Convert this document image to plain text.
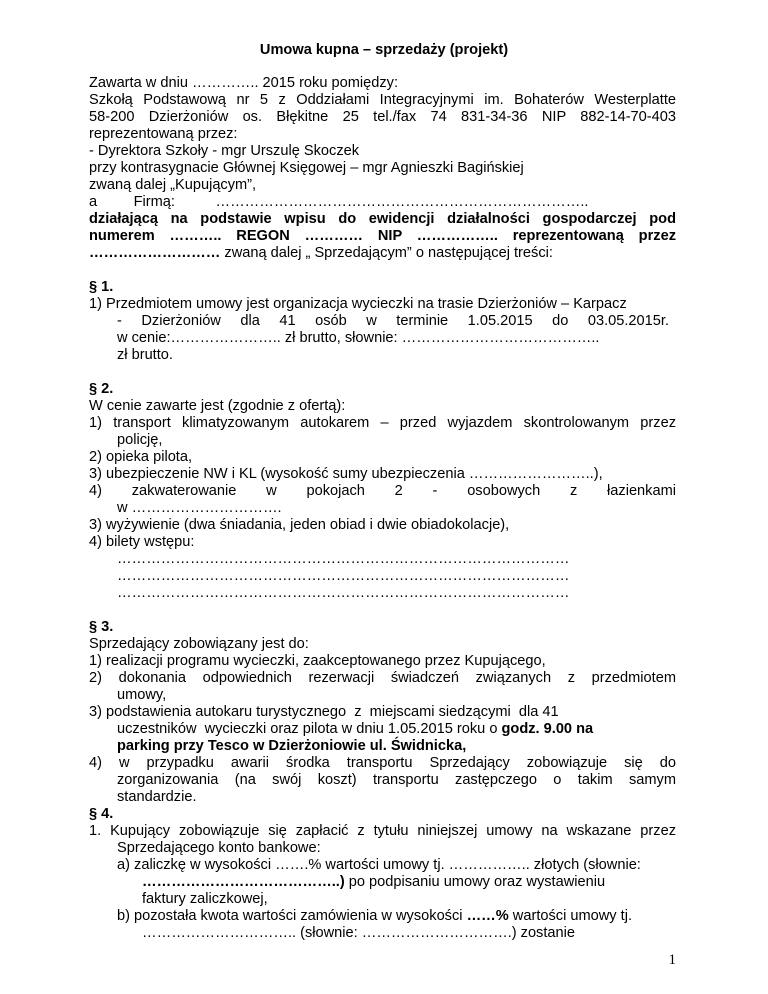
Umowa kupna – sprzedaży (projekt)
Zawarta w dniu ………….. 2015 roku pomiędzy:
Szkołą Podstawową nr 5 z Oddziałami Integracyjnymi im. Bohaterów Westerplatte
58-200 Dzierżoniów os. Błękitne 25 tel./fax 74 831-34-36 NIP 882-14-70-403
reprezentowaną przez:
- Dyrektora Szkoły - mgr Urszulę Skoczek
przy kontrasygnacie Głównej Księgowej – mgr Agnieszki Bagińskiej
zwaną dalej „Kupującym”,
a         Firmą:          …………………………………………………………………..
działającą na podstawie wpisu do ewidencji działalności gospodarczej pod
numerem ……….. REGON ………… NIP …………….. reprezentowaną przez
……………………… zwaną dalej „ Sprzedającym” o następującej treści:
§ 1.
1) Przedmiotem umowy jest organizacja wycieczki na trasie Dzierżoniów – Karpacz
- Dzierżoniów dla 41 osób w terminie 1.05.2015 do 03.05.2015r.
w cenie:………………….. zł brutto, słownie: …………………………………..
zł brutto.
§ 2.
W cenie zawarte jest (zgodnie z ofertą):
1) transport klimatyzowanym autokarem – przed wyjazdem skontrolowanym przez
policję,
2) opieka pilota,
3) ubezpieczenie NW i KL (wysokość sumy ubezpieczenia ……………………..),
4) zakwaterowanie w pokojach 2 - osobowych z łazienkami
w ………………………….
3) wyżywienie (dwa śniadania, jeden obiad i dwie obiadokolacje),
4) bilety wstępu:
…………………………………………………………………………………
…………………………………………………………………………………
…………………………………………………………………………………
§ 3.
Sprzedający zobowiązany jest do:
1) realizacji programu wycieczki, zaakceptowanego przez Kupującego,
2) dokonania odpowiednich rezerwacji świadczeń związanych z przedmiotem
umowy,
3) podstawienia autokaru turystycznego  z  miejscami siedzącymi  dla 41
uczestników  wycieczki oraz pilota w dniu 1.05.2015 roku o godz. 9.00 na
parking przy Tesco w Dzierżoniowie ul. Świdnicka,
4) w przypadku awarii środka transportu Sprzedający zobowiązuje się do
zorganizowania (na swój koszt) transportu zastępczego o takim samym
standardzie.
§ 4.
1. Kupujący zobowiązuje się zapłacić z tytułu niniejszej umowy na wskazane przez
Sprzedającego konto bankowe:
a) zaliczkę w wysokości …….% wartości umowy tj. …………….. złotych (słownie:
…………………………………..) po podpisaniu umowy oraz wystawieniu
faktury zaliczkowej,
b) pozostała kwota wartości zamówienia w wysokości ……% wartości umowy tj.
………………………….. (słownie: ………………………….) zostanie
1
